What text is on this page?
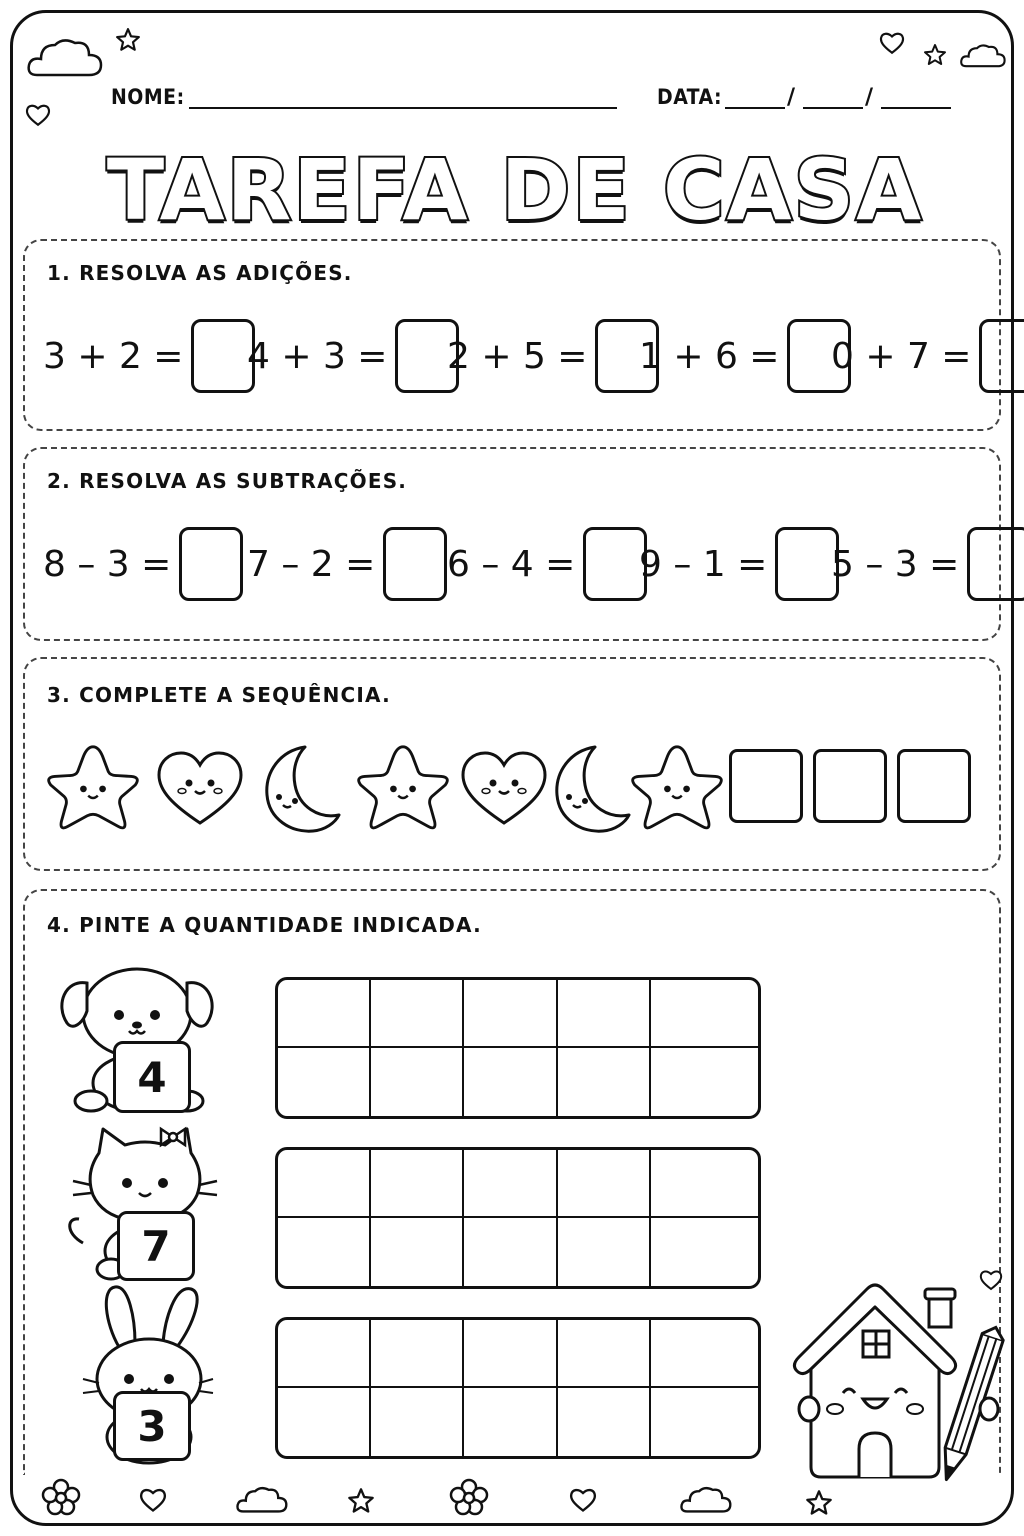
NOME:	DATA:	/	/
TAREFA DE CASA
1. RESOLVA AS ADIÇÕES.
3 + 2 = 4 + 3 = 2 + 5 = 1 + 6 = 0 + 7 =
2. RESOLVA AS SUBTRAÇÕES.
8 – 3 = 7 – 2 = 6 – 4 = 9 – 1 = 5 – 3 =
3. COMPLETE A SEQUÊNCIA.
4. PINTE A QUANTIDADE INDICADA.
4
7
3
